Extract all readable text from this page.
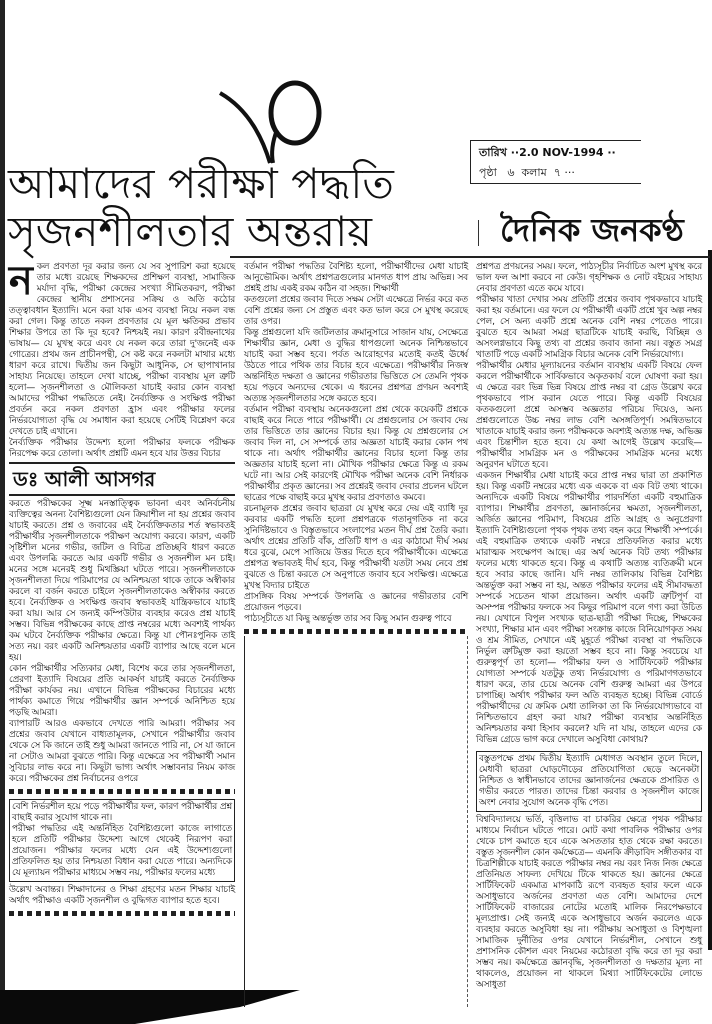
তারিখ ··2.0 NOV-1994 ··
পৃষ্ঠা ৬ কলাম ৭ ···
আমাদের পরীক্ষা পদ্ধতি
সৃজনশীলতার অন্তরায়	দৈনিক জনকণ্ঠ
ন কল প্রবণতা দূর করার জন্য যে সব সুপারিশ করা হয়েছে তার মধ্যে রয়েছে শিক্ষকদের প্রশিক্ষণ ব্যবস্থা, সামাজিক মর্যাদা বৃদ্ধি, পরীক্ষা কেন্দ্রের সংখ্যা সীমিতকরণ, পরীক্ষা কেন্দ্রের স্থানীয় প্রশাসনের সক্রিয় ও অতি কঠোর তত্ত্বাবধান ইত্যাদি। মনে করা যাক এসব ব্যবস্থা নিয়ে নকল বন্ধ করা গেল। কিন্তু তাতে নকল প্রবণতার যে মূল ক্ষতিকর প্রভাব শিক্ষার উপরে তা কি দূর হবে? নিশ্চয়ই নয়। কারণ রবীন্দ্রনাথের ভাষায়— যে মুখস্থ করে এবং যে নকল করে তারা দু'জনেই এক গোত্রের। প্রথম জন প্রাচীনপন্থী, সে কষ্ট করে নকলটা মাথার মধ্যে ধারণ করে রাখে। দ্বিতীয় জন কিছুটা আধুনিক, সে ছাপাখানার সাহায্য নিয়েছে। তাহলে দেখা যাচ্ছে, পরীক্ষা ব্যবস্থায় মূল ত্রুটি হলো— সৃজনশীলতা ও মৌলিকতা যাচাই করার কোন ব্যবস্থা আমাদের পরীক্ষা পদ্ধতিতে নেই। নৈর্ব্যক্তিক ও সংক্ষিপ্ত পরীক্ষা প্রবর্তন করে নকল প্রবণতা হ্রাস এবং পরীক্ষার ফলের নির্ভরযোগ্যতা বৃদ্ধি যে সমাধান করা হয়েছে সেটিই বিশ্লেষণ করে দেখতে চাই এখানে।

নৈর্ব্যক্তিক পরীক্ষার উদ্দেশ্য হলো পরীক্ষার ফলকে পরীক্ষক নিরপেক্ষ করে তোলা। অর্থাৎ প্রশ্নটি এমন হবে যার উত্তর বিচার

ডঃ আলী আসগর

করতে পরীক্ষকের সূক্ষ্ম মনস্তাত্ত্বিক ভাবনা এবং অনির্বচনীয় ব্যক্তিত্বের অনন্য বৈশিষ্ট্যগুলো যেন ক্রিয়াশীল না হয় প্রশ্নের জবাব যাচাই করতে। প্রশ্ন ও জবাবের এই নৈর্ব্যক্তিকতার শর্ত স্বভাবতই পরীক্ষার্থীর সৃজনশীলতাকে পরীক্ষণ অযোগ্য করবে। কারণ, একটি সৃষ্টিশীল মনের গভীর, জটিল ও বিচিত্র প্রতিচ্ছবি ধারণ করতে এবং উপলব্ধি করতে আর একটি গভীর ও সৃজনশীল মন চাই। মনের সঙ্গে মনেরই শুধু মিথস্ক্রিয়া ঘটতে পারে। সৃজনশীলতাকে সৃজনশীলতা দিয়ে পরিমাপের যে অনিশ্চয়তা থাকে তাকে অস্বীকার করলে বা বর্জন করতে চাইলে সৃজনশীলতাকেও অস্বীকার করতে হবে। নৈর্ব্যক্তিক ও সংক্ষিপ্ত জবাব স্বভাবতই যান্ত্রিকভাবে যাচাই করা যায়। আর সে জন্যই কম্পিউটার ব্যবহার করেও প্রশ্ন যাচাই সম্ভব। বিভিন্ন পরীক্ষকের কাছে প্রাপ্ত নম্বরের মধ্যে অবশ্যই পার্থক্য কম ঘটবে নৈর্ব্যক্তিক পরীক্ষার ক্ষেত্রে। কিন্তু যা পৌনঃপুনিক তাই সত্য নয়। বরং একটি অনিশ্চয়তার একটি ব্যাপার আছে বলে মনে হয়।

কোন পরীক্ষার্থীর সত্যিকার মেধা, বিশেষ করে তার সৃজনশীলতা, প্রেরণা ইত্যাদি বিষয়ের প্রতি আকর্ষণ যাচাই করতে নৈর্ব্যক্তিক পরীক্ষা কার্যকর নয়। এখানে বিভিন্ন পরীক্ষকের বিচারের মধ্যে পার্থক্য কমাতে গিয়ে পরীক্ষার্থীর জ্ঞান সম্পর্কে অনিশ্চিত হয়ে পড়ছি আমরা।

ব্যাপারটি আরও একভাবে দেখতে পারি আমরা। পরীক্ষার সব প্রশ্নের জবাব যেখানে বাধ্যতামূলক, সেখানে পরীক্ষার্থীর জবাব থেকে সে কি জানে তাই শুধু আমরা জানতে পারি না, সে যা জানে না সেটাও আমরা বুঝতে পারি। কিন্তু এক্ষেত্রে সব পরীক্ষার্থী সমান সুবিচার লাভ করে না। কিছুটা ভাগ্য অর্থাৎ সম্ভাবনার নিয়ম কাজ করে। পরীক্ষকের প্রশ্ন নির্বাচনের ওপরে

বেশি নির্ভরশীল হয়ে পড়ে পরীক্ষার্থীর ফল, কারণ পরীক্ষার্থীর প্রশ্ন বাছাই করার সুযোগ থাকে না।

পরীক্ষা পদ্ধতির এই অন্তর্নিহিত বৈশিষ্ট্যগুলো কাজে লাগাতে হলে প্রতিটি পরীক্ষার উদ্দেশ্য আগে থেকেই নিরূপণ করা প্রয়োজন। পরীক্ষার ফলের মধ্যে যেন এই উদ্দেশ্যগুলো প্রতিফলিত হয় তার নিশ্চয়তা বিধান করা যেতে পারে। অন্যদিকে যে মূল্যায়ন পরীক্ষার মাধ্যমে সম্ভব নয়, পরীক্ষার ফলের মধ্যে

উল্লেখ অবান্তর। শিক্ষাদানের ও শিক্ষা গ্রহণের মতন শিক্ষার যাচাই অর্থাৎ পরীক্ষাও একটি সৃজনশীল ও বুদ্ধিগত ব্যাপার হতে হবে।

বর্তমান পরীক্ষা পদ্ধতির বৈশিষ্ট্য হলো, পরীক্ষার্থীদের মেধা যাচাই আনুভৌমিক। অর্থাৎ প্রশ্নপত্রগুলোর মানগত ধাপ প্রায় অভিন্ন। সব প্রশ্নই প্রায় একই রকম কঠিন বা সহজ। শিক্ষার্থী

কতগুলো প্রশ্নের জবাব দিতে সক্ষম সেটা এক্ষেত্রে নির্ভর করে কত বেশি প্রশ্নের জন্য সে প্রস্তুত এবং কত ভাল করে সে মুখস্থ করেছে তার ওপর।

কিন্তু প্রশ্নগুলো যদি জটিলতার ক্রমানুসারে সাজান যায়, সেক্ষেত্রে শিক্ষার্থীর জ্ঞান, মেধা ও বুদ্ধির ধাপগুলো অনেক নিশ্চিন্তভাবে যাচাই করা সম্ভব হবে। পর্বত আরোহণের মতোই কতই ঊর্ধ্বে উঠতে পারে পথিক তার বিচার হবে এক্ষেত্রে। পরীক্ষার্থীর নিজস্ব অন্তর্নিহিত দক্ষতা ও জ্ঞানের গভীরতার ভিত্তিতে সে তেমনি পৃথক হয়ে পড়বে অন্যদের থেকে। এ ধরনের প্রশ্নপত্র প্রণয়ন অবশ্যই অত্যন্ত সৃজনশীলতার সঙ্গে করতে হবে।

বর্তমান পরীক্ষা ব্যবস্থায় অনেকগুলো প্রশ্ন থেকে কয়েকটি প্রশ্নকে বাছাই করে নিতে পারে পরীক্ষার্থী। যে প্রশ্নগুলোর সে জবাব দেয় তার ভিত্তিতে তার জ্ঞানের বিচার হয়। কিন্তু যে প্রশ্নগুলোর সে জবাব দিল না, সে সম্পর্কে তার অজ্ঞতা যাচাই করার কোন পথ থাকে না। অর্থাৎ পরীক্ষার্থীর জ্ঞানের বিচার হলো কিন্তু তার অজ্ঞতার যাচাই হলো না। মৌখিক পরীক্ষার ক্ষেত্রে কিন্তু এ রকম ঘটে না। আর সেই কারণেই মৌখিক পরীক্ষা অনেক বেশি নির্ধারক পরীক্ষার্থীর প্রকৃত জ্ঞানের। সব প্রশ্নেরই জবাব দেবার প্রচলন ঘটলে ছাত্রের পক্ষে বাছাই করে মুখস্থ করার প্রবণতাও কমবে।

রচনামূলক প্রশ্নের জবাব ছাত্ররা যে মুখস্থ করে দেয় এই ব্যাধি দূর করবার একটি পদ্ধতি হলো প্রশ্নপত্রকে গতানুগতিক না করে সুনির্দিষ্টভাবে ও বিস্তৃতভাবে সংলাপের মতন দীর্ঘ প্রশ্ন তৈরি করা। অর্থাৎ প্রশ্নের প্রতিটি বাঁক, প্রতিটি ধাপ ও এর কাঠামো দীর্ঘ সময় ধরে বুঝে, মেপে সাজিয়ে উত্তর দিতে হবে পরীক্ষার্থীকে। এক্ষেত্রে প্রশ্নপত্র স্বভাবতই দীর্ঘ হবে, কিন্তু পরীক্ষার্থী যতটা সময় নেবে প্রশ্ন বুঝতে ও চিন্তা করতে সে অনুপাতে জবাব হবে সংক্ষিপ্ত। এক্ষেত্রে মুখস্থ বিদ্যার চাইতে

প্রাসঙ্গিক বিষয় সম্পর্কে উপলব্ধি ও জ্ঞানের গভীরতার বেশি প্রয়োজন পড়বে।

পাঠ্যসূচীতে যা কিছু অন্তর্ভুক্ত তার সব কিছু সমান গুরুত্ব পাবে

প্রশ্নপত্র প্রণয়নের সময়। ফলে, পাঠ্যসূচীর নির্বাচিত অংশ মুখস্থ করে ভাল ফল আশা করবে না কেউ। গৃহশিক্ষক ও নোট বইয়ের সাহায্য নেবার প্রবণতা এতে কমে যাবে।

পরীক্ষার খাতা দেখার সময় প্রতিটি প্রশ্নের জবাব পৃথকভাবে যাচাই করা হয় বর্তমানে। এর ফলে যে পরীক্ষার্থী একটি প্রশ্নে খুব অল্প নম্বর পেল, সে অন্য একটি প্রশ্নে অনেক বেশি নম্বর পেতেও পারে। বুঝতে হবে আমরা সমগ্র ছাত্রটিকে যাচাই করছি, বিচ্ছিন্ন ও অসংলগ্নভাবে কিছু তথ্য বা প্রশ্নের জবাব জানা নয়। বস্তুত সমগ্র খাতাটি পড়ে একটি সামগ্রিক বিচার অনেক বেশি নির্ভরযোগ্য।

পরীক্ষার্থীর মেধার মূল্যায়নের বর্তমান ব্যবস্থায় একটি বিষয়ে ফেল করলে পরীক্ষার্থীকে সার্বিকভাবে অকৃতকার্য বলে ঘোষণা করা হয়। এ ক্ষেত্রে বরং ভিন্ন ভিন্ন বিষয়ে প্রাপ্ত নম্বর বা গ্রেড উল্লেখ করে পৃথকভাবে পাস করান যেতে পারে। কিন্তু একটি বিষয়ের কতকগুলো প্রশ্নে অসম্ভব অজ্ঞতার পরিচয় দিয়েও, অন্য প্রশ্নগুলোতে উচ্চ নম্বর লাভ বেশি অসঙ্গতিপূর্ণ। সমন্বিতভাবে খাতাকে যাচাই করার জন্য পরীক্ষককে অবশ্যই অত্যন্ত দক্ষ, অভিজ্ঞ এবং চিন্তাশীল হতে হবে। যে কথা আগেই উল্লেখ করেছি— পরীক্ষার্থীর সামগ্রিক মন ও পরীক্ষকের সামগ্রিক মনের মধ্যে অনুরণন ঘটাতে হবে।

একজন শিক্ষার্থীর মেধা যাচাই করে প্রাপ্ত নম্বর দ্বারা তা প্রকাশিত হয়। কিন্তু একটি নম্বরের মধ্যে এক এককে বা এক বিট তথ্য থাকে। অন্যদিকে একটি বিষয়ে পরীক্ষার্থীর পারদর্শিতা একটি বহুমাত্রিক ব্যাপার। শিক্ষার্থীর প্রবণতা, জ্ঞানার্জনের ক্ষমতা, সৃজনশীলতা, অর্জিত জ্ঞানের পরিমাণ, বিষয়ের প্রতি আগ্রহ ও অনুপ্রেরণা ইত্যাদি বৈশিষ্ট্যগুলো পৃথক পৃথক তথ্য বহন করে শিক্ষার্থী সম্পর্কে। এই বহুমাত্রিক তথ্যকে একটি নম্বরে প্রতিফলিত করার মধ্যে মারাত্মক সংক্ষেপণ আছে। এর অর্থ অনেক বিট তথ্য পরীক্ষার ফলের মধ্যে থাকতে হবে। কিন্তু এ কথাটি অত্যন্ত ব্যতিক্রমী মনে হবে সবার কাছে জানি। যদি নম্বর তালিকায় বিভিন্ন বৈশিষ্ট্য অন্তর্ভুক্ত করা সম্ভব না হয়, অন্তত পরীক্ষার ফলের এই সীমাবদ্ধতা সম্পর্কে সচেতন থাকা প্রয়োজন। অর্থাৎ একটি ত্রুটিপূর্ণ বা অসম্পন্ন পরীক্ষার ফলকে সব কিছুর পরিমাপ বলে গণ্য করা উচিত নয়। যেখানে বিপুল সংখ্যক ছাত্র-ছাত্রী পরীক্ষা দিচ্ছে, শিক্ষকের সংখ্যা, শিক্ষার মান এবং পরীক্ষা সংক্রান্ত কাজে বিনিয়োগকৃত সময় ও শ্রম সীমিত, সেখানে এই মুহূর্তে পরীক্ষা ব্যবস্থা বা পদ্ধতিকে নির্ভুল ত্রুটিমুক্ত করা হয়তো সম্ভব হবে না। কিন্তু সবচেয়ে যা গুরুত্বপূর্ণ তা হলো— পরীক্ষার ফল ও সার্টিফিকেট পরীক্ষার যোগ্যতা সম্পর্কে যতটুকু তথ্য নির্ভরযোগ্য ও পরিমাণগতভাবে ধারণ করে, তার চেয়ে অনেক বেশি গুরুত্ব আমরা এর উপরে চাপাচ্ছি। অর্থাৎ পরীক্ষার ফল অতি ব্যবহৃত হচ্ছে। বিভিন্ন বোর্ডে পরীক্ষার্থীদের যে ক্রমিক মেধা তালিকা তা কি নির্ভরযোগ্যভাবে বা নিশ্চিতভাবে গ্রহণ করা যায়? পরীক্ষা ব্যবস্থার অন্তর্নিহিত অনিশ্চয়তার কথা হিসাব করলে? যদি না যায়, তাহলে এদের কে বিভিন্ন গ্রেডে ভাগ করে দেখালে অসুবিধা কোথায়?

বস্তুতপক্ষে প্রথম দ্বিতীয় ইত্যাদি মেধাগত অবস্থান তুলে দিলে, মেধাবী ছাত্ররা ঘোড়দৌড়ের প্রতিযোগিতা ছেড়ে অনেকটা নিশ্চিত ও স্বাধীনভাবে তাদের জ্ঞানার্জনের ক্ষেত্রকে প্রসারিত ও গভীর করতে পারত। তাদের চিন্তা করবার ও সৃজনশীল কাজে অংশ নেবার সুযোগ অনেক বৃদ্ধি পেত।

বিশ্ববিদ্যালয়ে ভর্তি, বৃত্তিলাভ বা চাকরির ক্ষেত্রে পৃথক পরীক্ষার মাধ্যমে নির্বাচন ঘটতে পারে। মোট কথা পাবলিক পরীক্ষার ওপর থেকে চাপ কমাতে হবে একে অসততার হাত থেকে রক্ষা করতে। বস্তুত সৃজনশীল কোন কর্মক্ষেত্রে— এমনকি ক্রীড়াবিদ সঙ্গীতকার বা চিত্রশিল্পীকে যাচাই করতে পরীক্ষার নম্বর নয় বরং নিজ নিজ ক্ষেত্রে প্রতিনিয়ত সাফল্য দেখিয়ে টিকে থাকতে হয়। জ্ঞানের ক্ষেত্রে সার্টিফিকেট একমাত্র মাপকাঠি রূপে ব্যবহৃত হবার ফলে একে অসাধুভাবে অর্জনের প্রবণতা এত বেশি। আমাদের দেশে সার্টিফিকেট বাজারের নোটের মতোই মালিক নিরপেক্ষভাবে মূল্যপ্রাপ্ত। সেই জন্যই একে অসাধুভাবে অর্জন করলেও একে ব্যবহার করতে অসুবিধা হয় না। পরীক্ষায় অসাধুতা ও বিশৃঙ্খলা সামাজিক দুর্নীতির ওপর যেখানে নির্ভরশীল, সেখানে শুধু প্রশাসনিক কৌশল এবং নিয়মের কঠোরতা বৃদ্ধি করে তা দূর করা সম্ভব নয়। কর্মক্ষেত্রে জ্ঞানবৃদ্ধি, সৃজনশীলতা ও দক্ষতার মূল্য না থাকলেও, প্রয়োজন না থাকলে মিথ্যা সার্টিফিকেটের লোভে অসাধুতা
